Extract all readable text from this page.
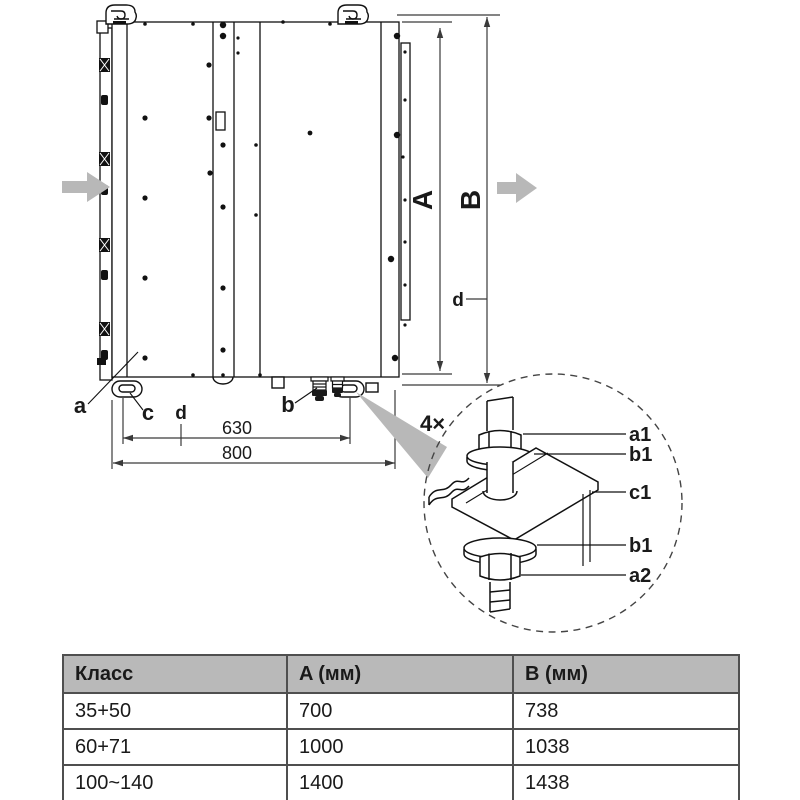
A B
d
630
800
d
a	c	b
a1
b1
c1
b1
a2
4×
Класс	A (мм)	B (мм)
35+50	700	738
60+71	1000	1038
100~140	1400	1438
